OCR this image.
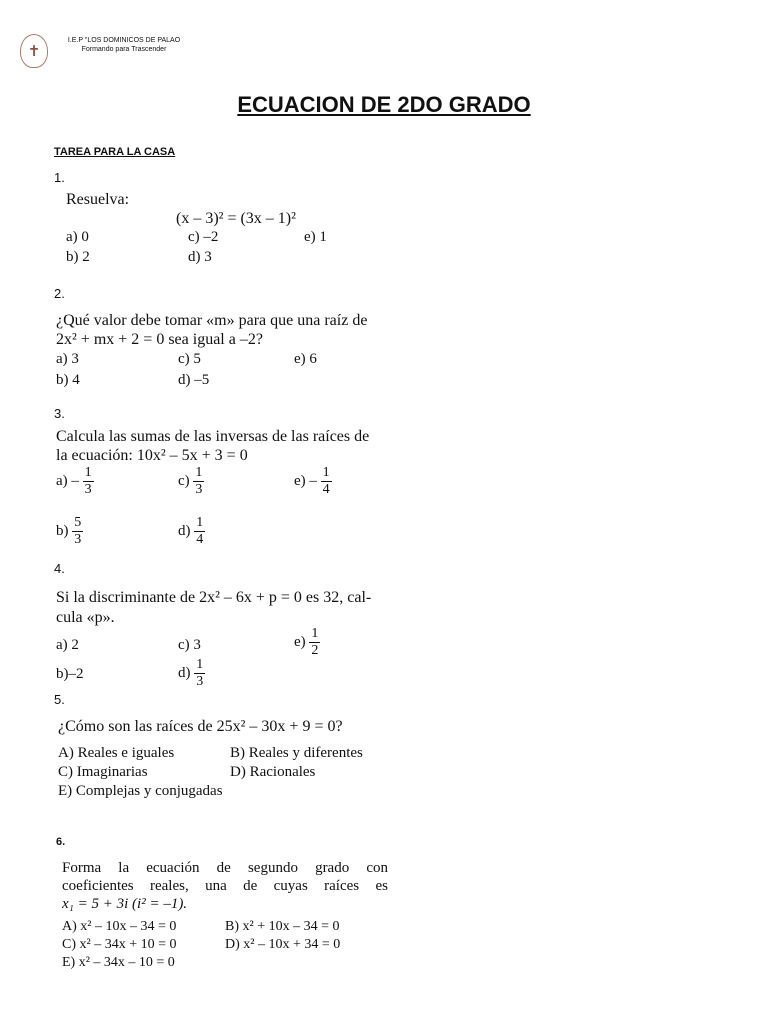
✝
I.E.P "LOS DOMINICOS DE PALAO
Formando para Trascender
ECUACION DE 2DO GRADO
TAREA PARA LA CASA
1.
Resuelva:
(x – 3)² = (3x – 1)²
a) 0	c) –2	e) 1
b) 2	d) 3
2.
¿Qué valor debe tomar «m» para que una raíz de
2x² + mx + 2 = 0 sea igual a –2?
a) 3	c) 5	e) 6
b) 4	d) –5
3.
Calcula las sumas de las inversas de las raíces de
la ecuación: 10x² – 5x + 3 = 0
$a) - \frac{1}{3}$	$c) \frac{1}{3}$	$e) - \frac{1}{4}$
$b) \frac{5}{3}$	$d) \frac{1}{4}$
4.
Si la discriminante de 2x² – 6x + p = 0 es 32, cal-
cula «p».
a) 2	c) 3	$e) \frac{1}{2}$
b)–2	$d) \frac{1}{3}$
5.
¿Cómo son las raíces de 25x² – 30x + 9 = 0?
A) Reales e iguales	B) Reales y diferentes
C) Imaginarias	D) Racionales
E) Complejas y conjugadas
6.
Forma la ecuación de segundo grado con
coeficientes reales, una de cuyas raíces es
x₁ = 5 + 3i (i² = –1).
A) x² – 10x – 34 = 0	B) x² + 10x – 34 = 0
C) x² – 34x + 10 = 0	D) x² – 10x + 34 = 0
E) x² – 34x – 10 = 0
